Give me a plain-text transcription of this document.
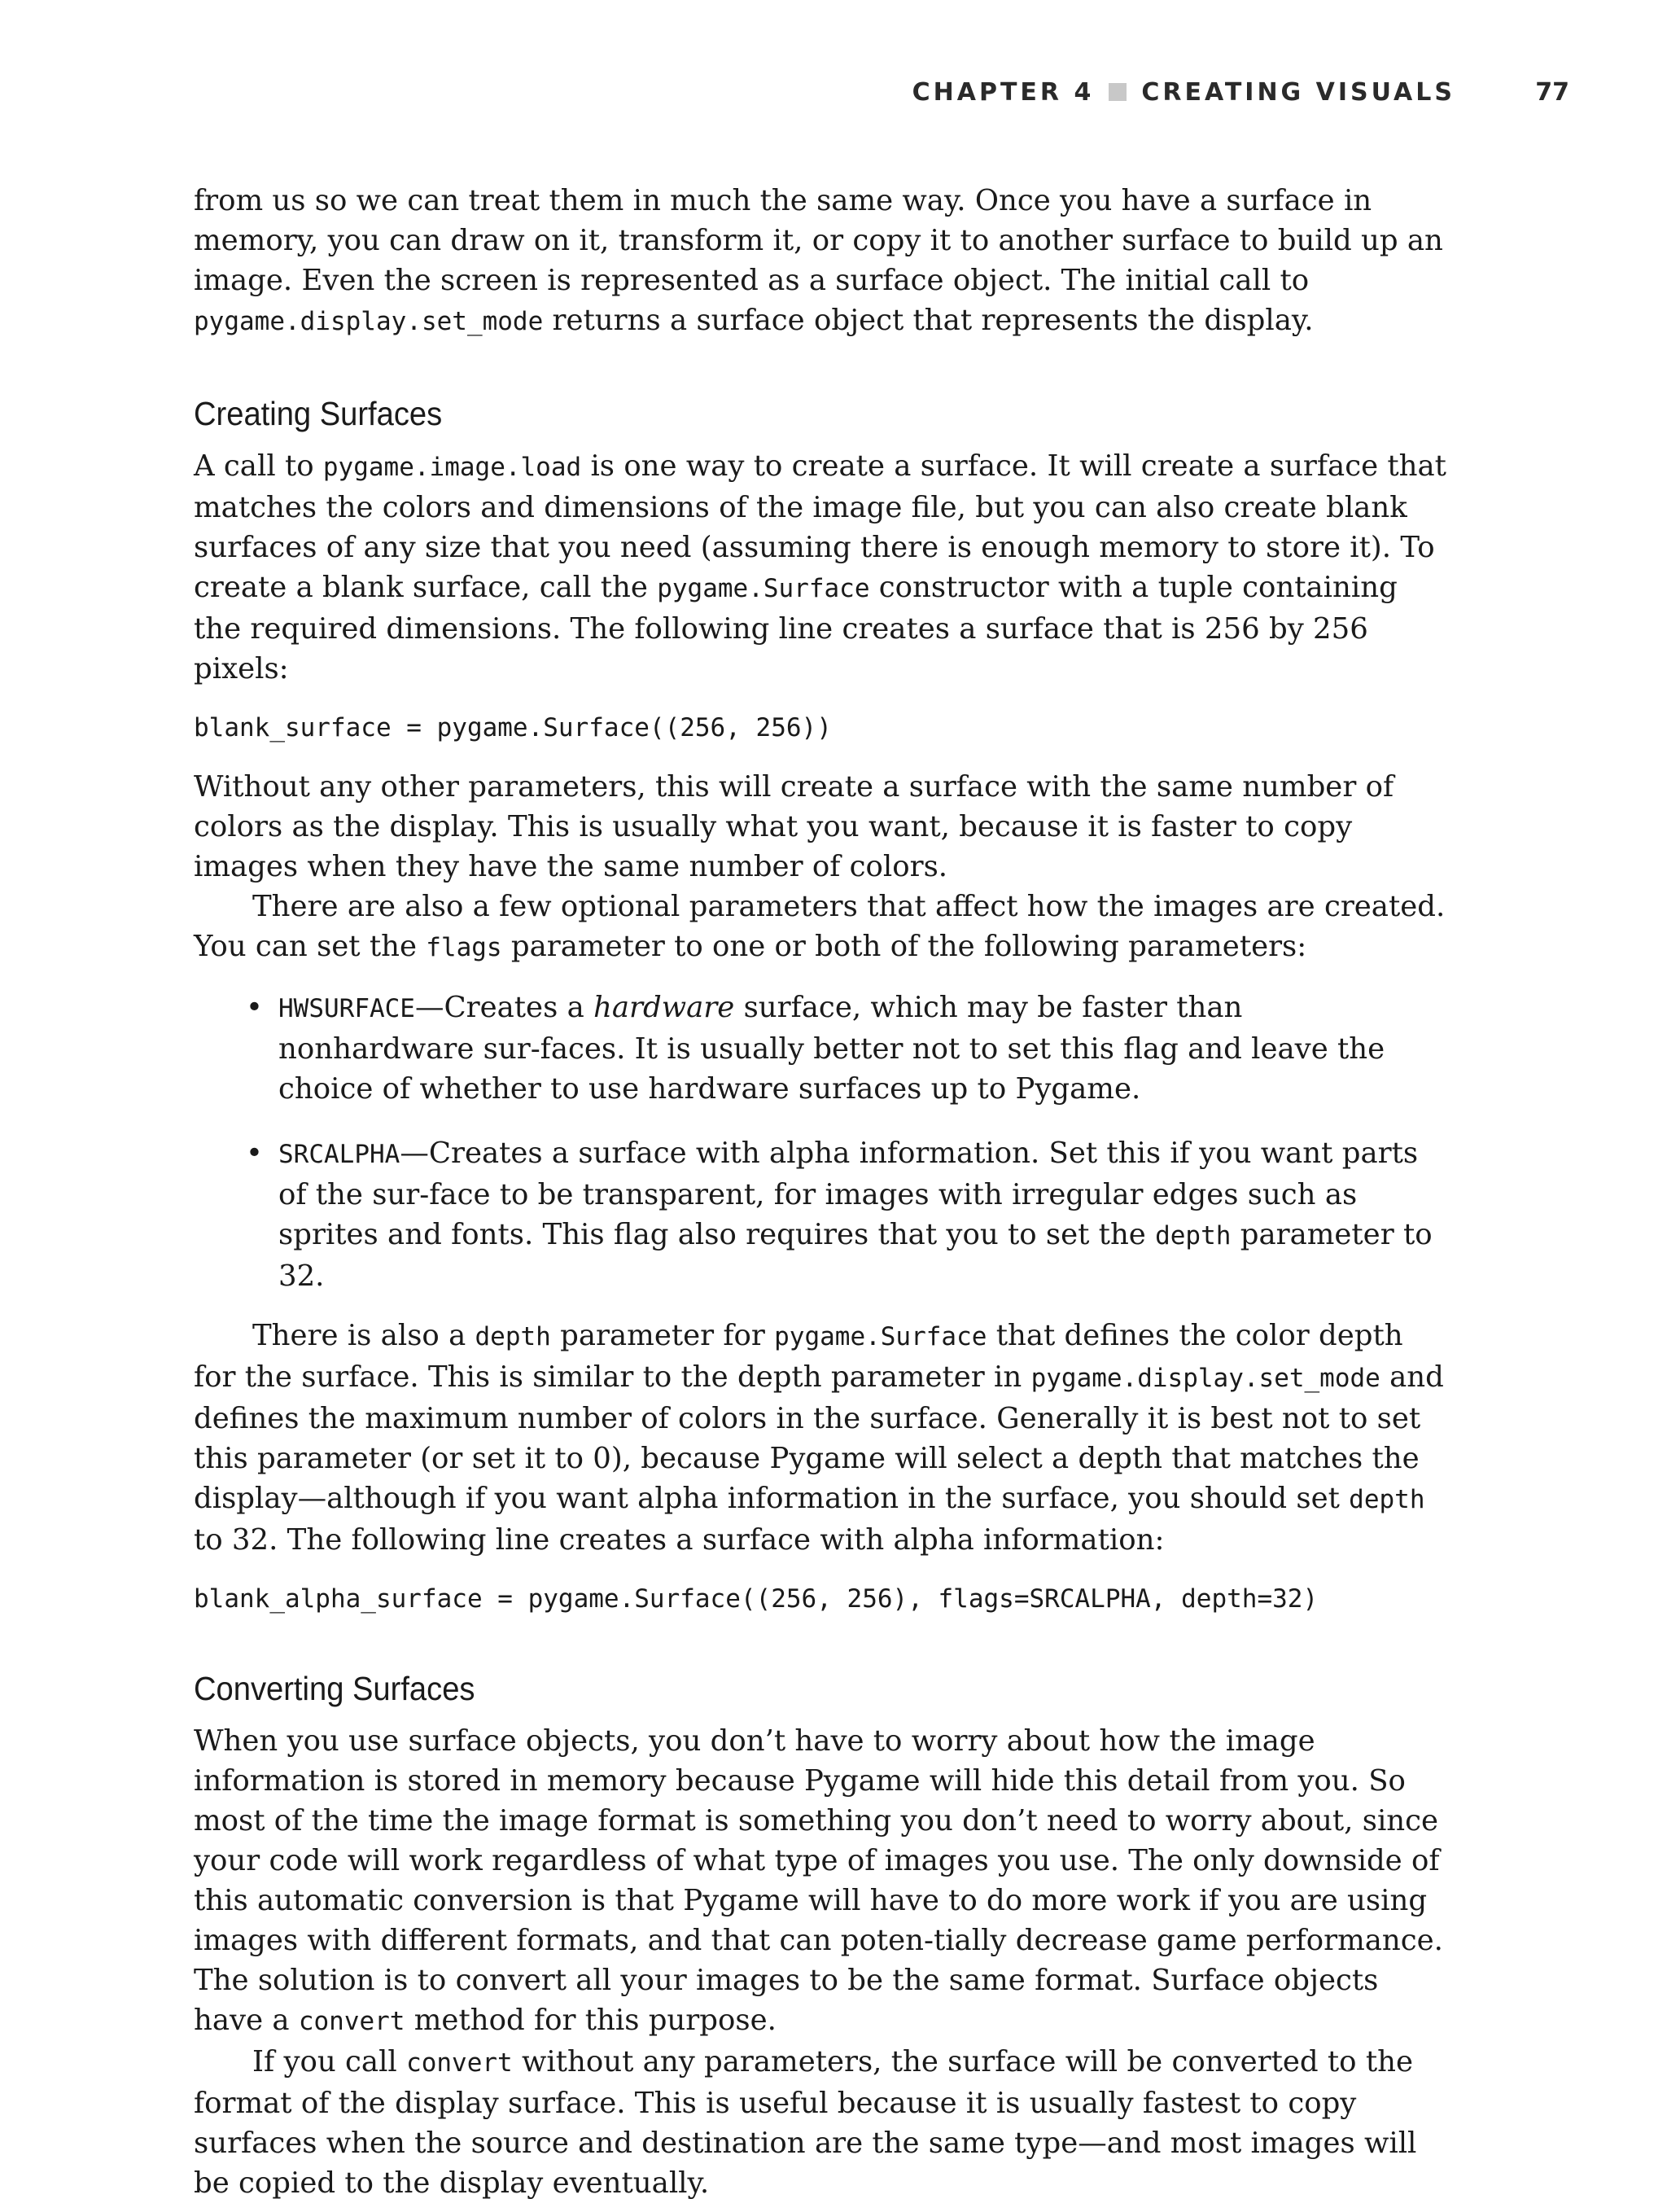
CHAPTER 4 CREATING VISUALS	77

from us so we can treat them in much the same way. Once you have a surface in memory, you can draw on it, transform it, or copy it to another surface to build up an image. Even the screen is represented as a surface object. The initial call to pygame.display.set_mode returns a surface object that represents the display.

Creating Surfaces

A call to pygame.image.load is one way to create a surface. It will create a surface that matches the colors and dimensions of the image file, but you can also create blank surfaces of any size that you need (assuming there is enough memory to store it). To create a blank surface, call the pygame.Surface constructor with a tuple containing the required dimensions. The following line creates a surface that is 256 by 256 pixels:

blank_surface = pygame.Surface((256, 256))

Without any other parameters, this will create a surface with the same number of colors as the display. This is usually what you want, because it is faster to copy images when they have the same number of colors.

There are also a few optional parameters that affect how the images are created. You can set the flags parameter to one or both of the following parameters:

• HWSURFACE—Creates a hardware surface, which may be faster than nonhardware sur-faces. It is usually better not to set this flag and leave the choice of whether to use hardware surfaces up to Pygame.
• SRCALPHA—Creates a surface with alpha information. Set this if you want parts of the sur-face to be transparent, for images with irregular edges such as sprites and fonts. This flag also requires that you to set the depth parameter to 32.

There is also a depth parameter for pygame.Surface that defines the color depth for the surface. This is similar to the depth parameter in pygame.display.set_mode and defines the maximum number of colors in the surface. Generally it is best not to set this parameter (or set it to 0), because Pygame will select a depth that matches the display—although if you want alpha information in the surface, you should set depth to 32. The following line creates a surface with alpha information:

blank_alpha_surface = pygame.Surface((256, 256), flags=SRCALPHA, depth=32)
Converting Surfaces

When you use surface objects, you don’t have to worry about how the image information is stored in memory because Pygame will hide this detail from you. So most of the time the image format is something you don’t need to worry about, since your code will work regardless of what type of images you use. The only downside of this automatic conversion is that Pygame will have to do more work if you are using images with different formats, and that can poten-tially decrease game performance. The solution is to convert all your images to be the same format. Surface objects have a convert method for this purpose.

If you call convert without any parameters, the surface will be converted to the format of the display surface. This is useful because it is usually fastest to copy surfaces when the source and destination are the same type—and most images will be copied to the display eventually.
